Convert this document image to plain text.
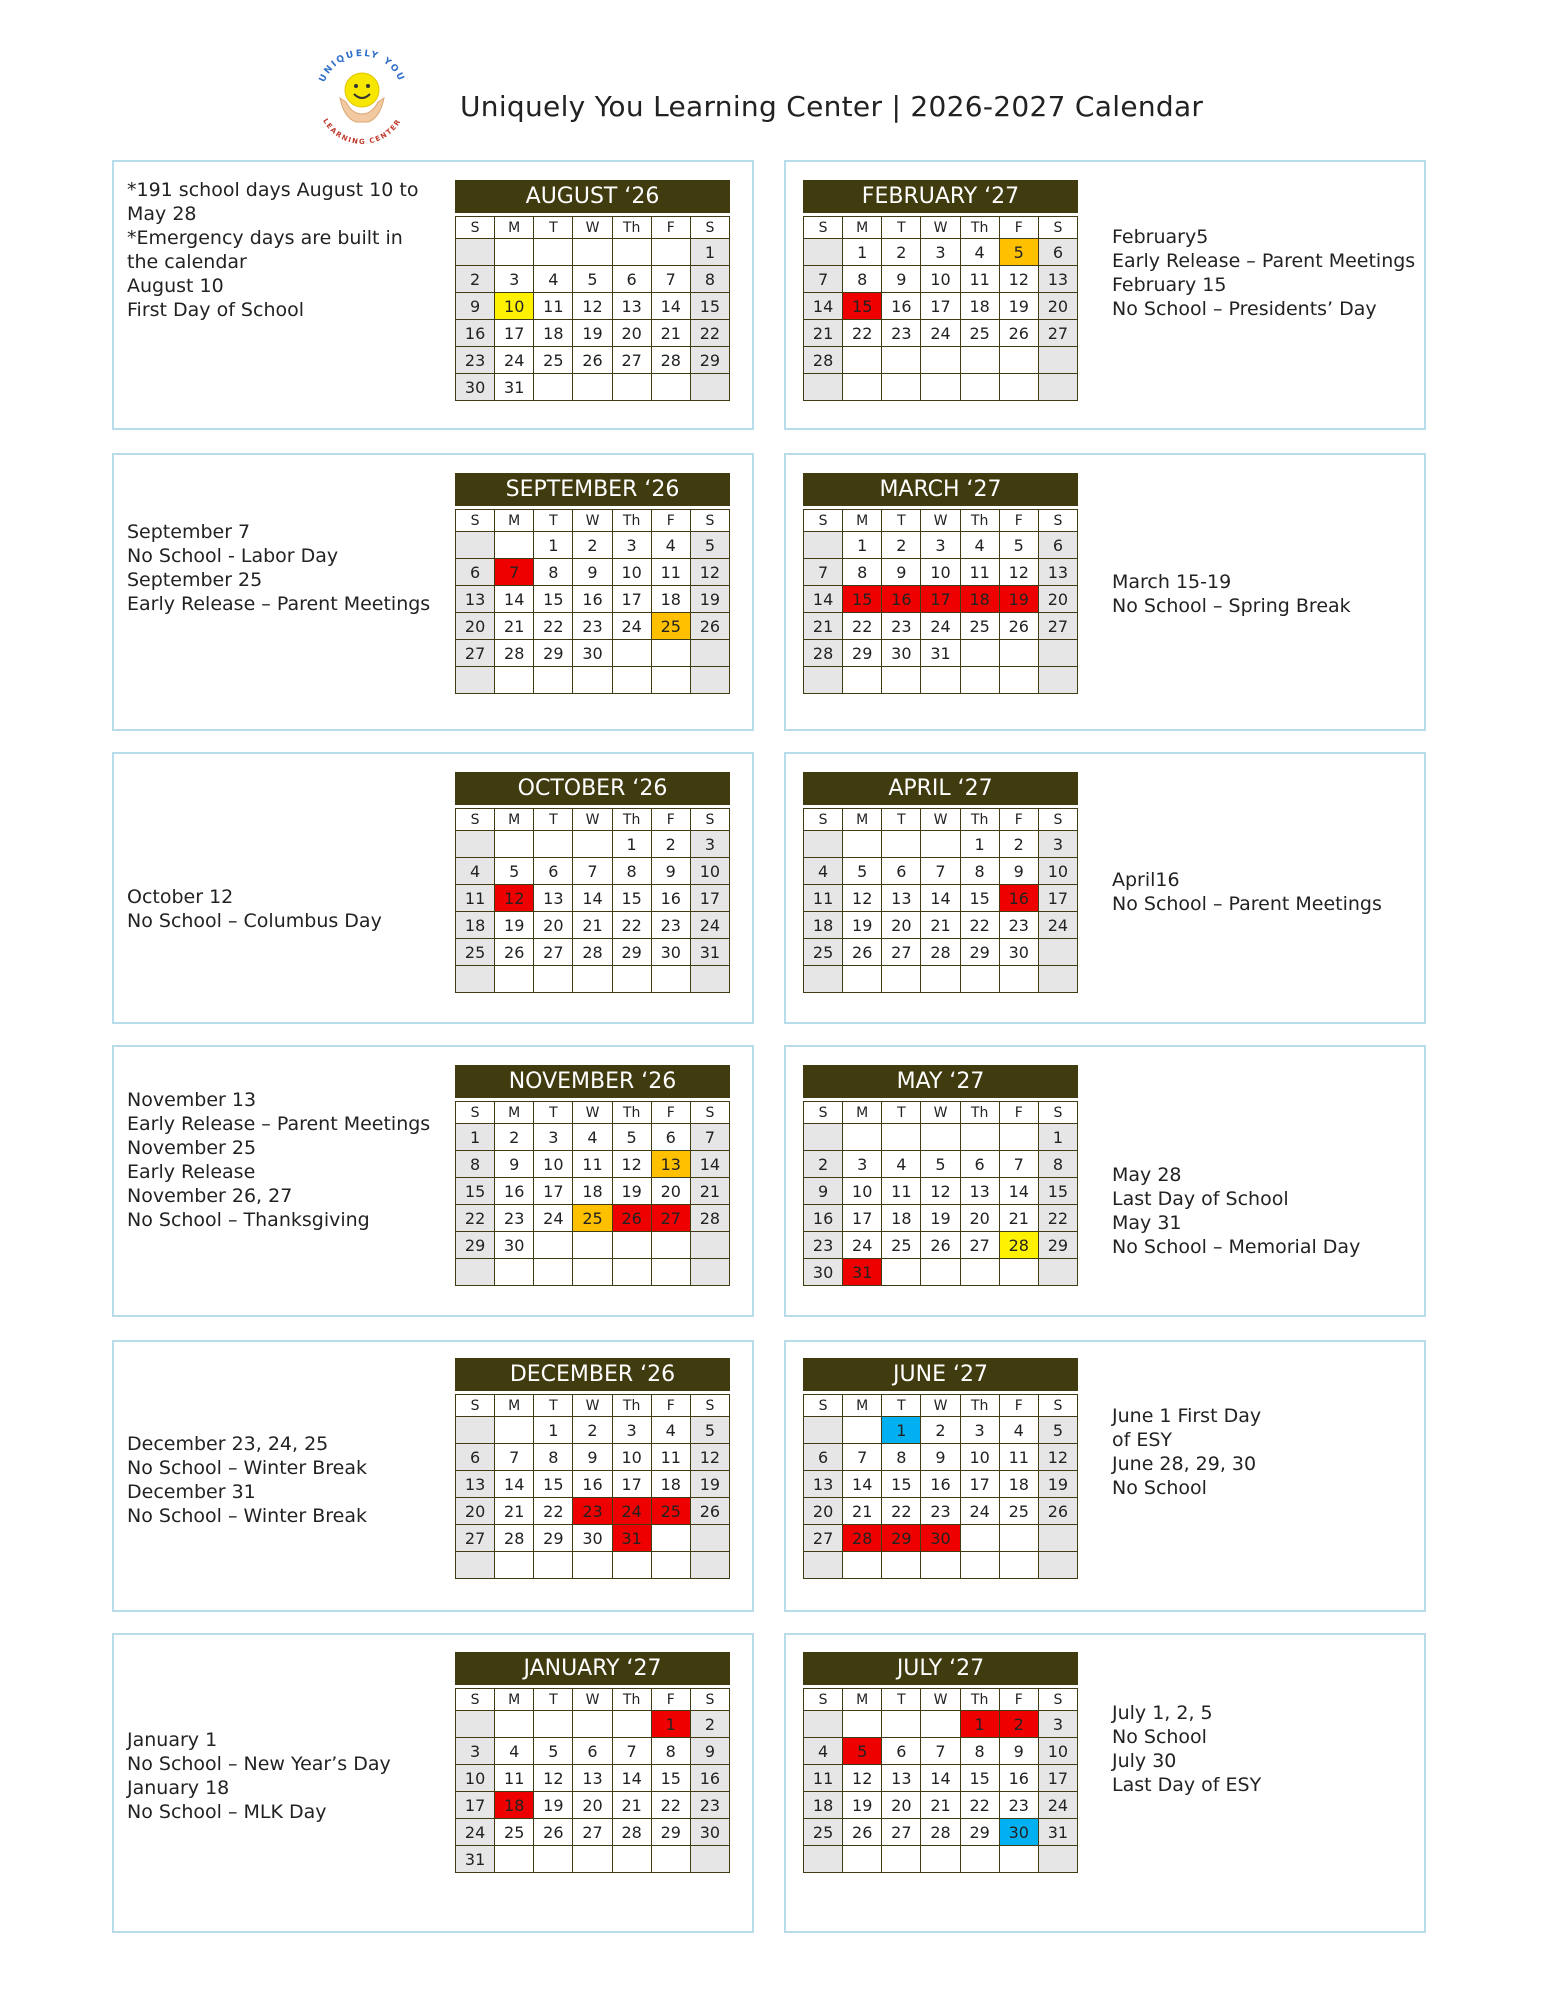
UNIQUELY YOU
LEARNING CENTER Uniquely You Learning Center | 2026-2027 Calendar
*191 school days August 10 to
May 28
*Emergency days are built in
the calendar
August 10
First Day of School
AUGUST ‘26
S	M	T	W	Th	F	S
						1
2	3	4	5	6	7	8
9	10	11	12	13	14	15
16	17	18	19	20	21	22
23	24	25	26	27	28	29
30	31					
September 7
No School - Labor Day
September 25
Early Release – Parent Meetings
SEPTEMBER ‘26
S	M	T	W	Th	F	S
		1	2	3	4	5
6	7	8	9	10	11	12
13	14	15	16	17	18	19
20	21	22	23	24	25	26
27	28	29	30			

October 12
No School – Columbus Day
OCTOBER ‘26
S	M	T	W	Th	F	S
				1	2	3
4	5	6	7	8	9	10
11	12	13	14	15	16	17
18	19	20	21	22	23	24
25	26	27	28	29	30	31

November 13
Early Release – Parent Meetings
November 25
Early Release
November 26, 27
No School – Thanksgiving
NOVEMBER ‘26
S	M	T	W	Th	F	S
1	2	3	4	5	6	7
8	9	10	11	12	13	14
15	16	17	18	19	20	21
22	23	24	25	26	27	28
29	30					

December 23, 24, 25
No School – Winter Break
December 31
No School – Winter Break
DECEMBER ‘26
S	M	T	W	Th	F	S
		1	2	3	4	5
6	7	8	9	10	11	12
13	14	15	16	17	18	19
20	21	22	23	24	25	26
27	28	29	30	31		

January 1
No School – New Year’s Day
January 18
No School – MLK Day
JANUARY ‘27
S	M	T	W	Th	F	S
					1	2
3	4	5	6	7	8	9
10	11	12	13	14	15	16
17	18	19	20	21	22	23
24	25	26	27	28	29	30
31						
February5
Early Release – Parent Meetings
February 15
No School – Presidents’ Day
FEBRUARY ‘27
S	M	T	W	Th	F	S
	1	2	3	4	5	6
7	8	9	10	11	12	13
14	15	16	17	18	19	20
21	22	23	24	25	26	27
28						

March 15-19
No School – Spring Break
MARCH ‘27
S	M	T	W	Th	F	S
	1	2	3	4	5	6
7	8	9	10	11	12	13
14	15	16	17	18	19	20
21	22	23	24	25	26	27
28	29	30	31			

April16
No School – Parent Meetings
APRIL ‘27
S	M	T	W	Th	F	S
				1	2	3
4	5	6	7	8	9	10
11	12	13	14	15	16	17
18	19	20	21	22	23	24
25	26	27	28	29	30	

May 28
Last Day of School
May 31
No School – Memorial Day
MAY ‘27
S	M	T	W	Th	F	S
						1
2	3	4	5	6	7	8
9	10	11	12	13	14	15
16	17	18	19	20	21	22
23	24	25	26	27	28	29
30	31					
June 1 First Day
of ESY
June 28, 29, 30
No School
JUNE ‘27
S	M	T	W	Th	F	S
		1	2	3	4	5
6	7	8	9	10	11	12
13	14	15	16	17	18	19
20	21	22	23	24	25	26
27	28	29	30			

July 1, 2, 5
No School
July 30
Last Day of ESY
JULY ‘27
S	M	T	W	Th	F	S
				1	2	3
4	5	6	7	8	9	10
11	12	13	14	15	16	17
18	19	20	21	22	23	24
25	26	27	28	29	30	31
